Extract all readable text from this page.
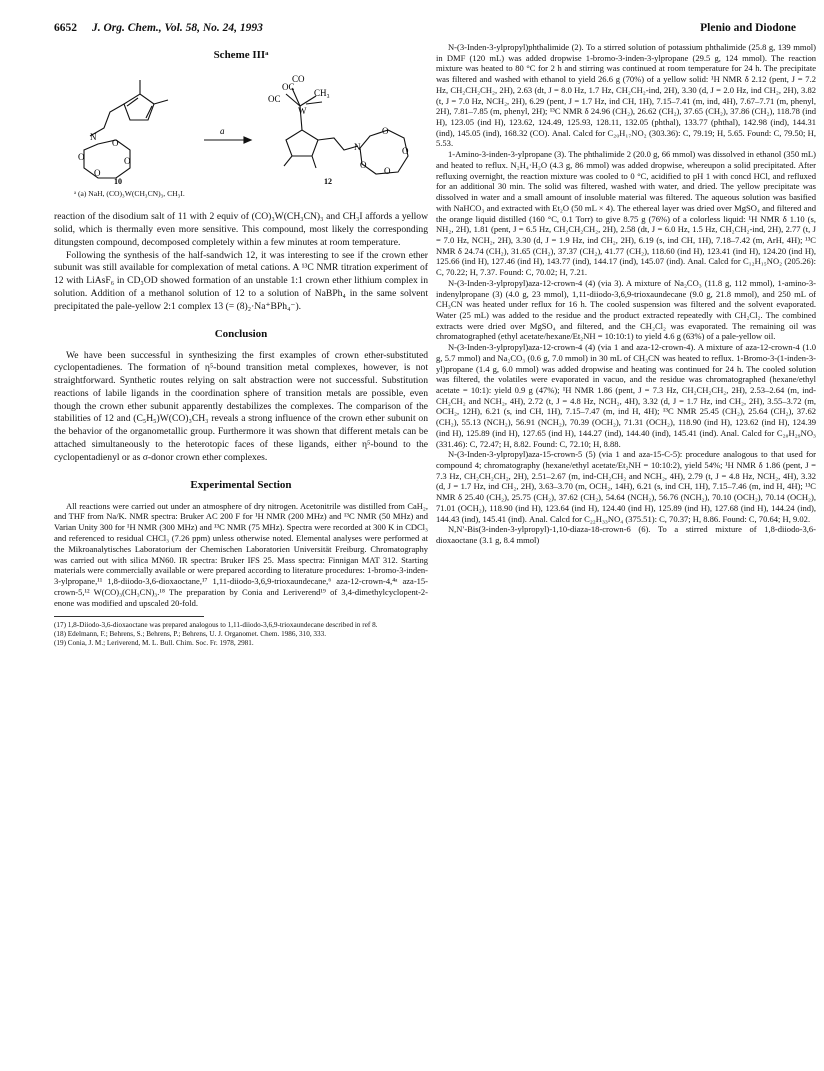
6652 J. Org. Chem., Vol. 58, No. 24, 1993	Plenio and Diodone
Scheme IIIᵃ
N
O
O
O
O
a
OC
CO
OC
W
CH₃
N
O
O
O
O
10	12

ᵃ (a) NaH, (CO)₃W(CH₃CN)₃, CH₃I.

reaction of the disodium salt of 11 with 2 equiv of (CO)₃W(CH₃CN)₃ and CH₃I affords a yellow solid, which is thermally even more sensitive. This compound, most likely the corresponding ditungsten compound, decomposed completely within a few minutes at room temperature.

Following the synthesis of the half-sandwich 12, it was interesting to see if the crown ether subunit was still available for complexation of metal cations. A ¹³C NMR titration experiment of 12 with LiAsF₆ in CD₃OD showed formation of an unstable 1:1 crown ether lithium complex in solution. Addition of a methanol solution of 12 to a solution of NaBPh₄ in the same solvent precipitated the pale-yellow 2:1 complex 13 (= (8)₂·Na⁺BPh₄⁻).

Conclusion

We have been successful in synthesizing the first examples of crown ether-substituted cyclopentadienes. The formation of η⁵-bound transition metal complexes, however, is not straightforward. Synthetic routes relying on salt abstraction were not successful. Substitution reactions of labile ligands in the coordination sphere of transition metals are possible, even though the crown ether subunit apparently destabilizes the complexes. The comparison of the stabilities of 12 and (C₅H₅)W(CO)₃CH₃ reveals a strong influence of the crown ether subunit on the behavior of the organometallic group. Furthermore it was shown that different metals can be attached simultaneously to the heterotopic faces of these ligands, either η⁵-bound to the cyclopentadienyl or as σ-donor crown ether complexes.

Experimental Section

All reactions were carried out under an atmosphere of dry nitrogen. Acetonitrile was distilled from CaH₂, and THF from Na/K. NMR spectra: Bruker AC 200 F for ¹H NMR (200 MHz) and ¹³C NMR (50 MHz) and Varian Unity 300 for ¹H NMR (300 MHz) and ¹³C NMR (75 MHz). Spectra were recorded at 300 K in CDCl₃ and referenced to residual CHCl₃ (7.26 ppm) unless otherwise noted. Elemental analyses were performed at the Mikroanalytisches Laboratorium der Chemischen Laboratorien Universität Freiburg. Chromatography was carried out with silica MN60. IR spectra: Bruker IFS 25. Mass spectra: Finnigan MAT 312. Starting materials were commercially available or were prepared according to literature procedures: 1-bromo-3-inden-3-ylpropane,¹¹ 1,8-diiodo-3,6-dioxaoctane,¹⁷ 1,11-diiodo-3,6,9-trioxaundecane,⁶ aza-12-crown-4,⁴ᵃ aza-15-crown-5,¹² W(CO)₃(CH₃CN)₃.¹⁸ The preparation by Conia and Leriverend¹⁹ of 3,4-dimethylcyclopent-2-enone was modified and upscaled 20-fold.

(17) 1,8-Diiodo-3,6-dioxaoctane was prepared analogous to 1,11-diiodo-3,6,9-trioxaundecane described in ref 8.

(18) Edelmann, F.; Behrens, S.; Behrens, P.; Behrens, U. J. Organomet. Chem. 1986, 310, 333.

(19) Conia, J. M.; Leriverend, M. L. Bull. Chim. Soc. Fr. 1978, 2981.

N-(3-Inden-3-ylpropyl)phthalimide (2). To a stirred solution of potassium phthalimide (25.8 g, 139 mmol) in DMF (120 mL) was added dropwise 1-bromo-3-inden-3-ylpropane (29.5 g, 124 mmol). The reaction mixture was heated to 80 °C for 2 h and stirring was continued at room temperature for 24 h. The precipitate was filtered and washed with ethanol to yield 26.6 g (70%) of a yellow solid: ¹H NMR δ 2.12 (pent, J = 7.2 Hz, CH₂CH₂CH₂, 2H), 2.63 (dt, J = 8.0 Hz, 1.7 Hz, CH₂CH₂-ind, 2H), 3.30 (d, J = 2.0 Hz, ind CH₂, 2H), 3.82 (t, J = 7.0 Hz, NCH₂, 2H), 6.29 (pent, J = 1.7 Hz, ind CH, 1H), 7.15–7.41 (m, ind, 4H), 7.67–7.71 (m, phenyl, 2H), 7.81–7.85 (m, phenyl, 2H); ¹³C NMR δ 24.96 (CH₂), 26.62 (CH₂), 37.65 (CH₂), 37.86 (CH₂), 118.78 (ind H), 123.05 (ind H), 123.62, 124.49, 125.93, 128.11, 132.05 (phthal), 133.77 (phthal), 142.98 (ind), 144.31 (ind), 145.05 (ind), 168.32 (CO). Anal. Calcd for C₂₀H₁₇NO₂ (303.36): C, 79.19; H, 5.65. Found: C, 79.50; H, 5.53.

1-Amino-3-inden-3-ylpropane (3). The phthalimide 2 (20.0 g, 66 mmol) was dissolved in ethanol (350 mL) and heated to reflux. N₂H₄·H₂O (4.3 g, 86 mmol) was added dropwise, whereupon a solid precipitated. After refluxing overnight, the reaction mixture was cooled to 0 °C, acidified to pH 1 with concd HCl, and refluxed for an additional 30 min. The solid was filtered, washed with water, and dried. The yellow precipitate was dissolved in water and a small amount of insoluble material was filtered. The aqueous solution was basified with NaHCO₃ and extracted with Et₂O (50 mL × 4). The ethereal layer was dried over MgSO₄ and filtered and the orange liquid distilled (160 °C, 0.1 Torr) to give 8.75 g (76%) of a colorless liquid: ¹H NMR δ 1.10 (s, NH₂, 2H), 1.81 (pent, J = 6.5 Hz, CH₂CH₂CH₂, 2H), 2.58 (dt, J = 6.0 Hz, 1.5 Hz, CH₂CH₂-ind, 2H), 2.77 (t, J = 7.0 Hz, NCH₂, 2H), 3.30 (d, J = 1.9 Hz, ind CH₂, 2H), 6.19 (s, ind CH, 1H), 7.18–7.42 (m, ArH, 4H); ¹³C NMR δ 24.74 (CH₂), 31.65 (CH₂), 37.37 (CH₂), 41.77 (CH₂), 118.60 (ind H), 123.41 (ind H), 124.20 (ind H), 125.66 (ind H), 127.46 (ind H), 143.77 (ind), 144.17 (ind), 145.07 (ind). Anal. Calcd for C₁₂H₁₅NO₂ (205.26): C, 70.22; H, 7.37. Found: C, 70.02; H, 7.21.

N-(3-Inden-3-ylpropyl)aza-12-crown-4 (4) (via 3). A mixture of Na₂CO₃ (11.8 g, 112 mmol), 1-amino-3-indenylpropane (3) (4.0 g, 23 mmol), 1,11-diiodo-3,6,9-trioxaundecane (9.0 g, 21.8 mmol), and 250 mL of CH₃CN was heated under reflux for 16 h. The cooled suspension was filtered and the solvent evaporated. Water (25 mL) was added to the residue and the product extracted repeatedly with CH₂Cl₂. The combined extracts were dried over MgSO₄ and filtered, and the CH₂Cl₂ was evaporated. The remaining oil was chromatographed (ethyl acetate/hexane/Et₂NH = 10:10:1) to yield 4.6 g (63%) of a pale-yellow oil.

N-(3-Inden-3-ylpropyl)aza-12-crown-4 (4) (via 1 and aza-12-crown-4). A mixture of aza-12-crown-4 (1.0 g, 5.7 mmol) and Na₂CO₃ (0.6 g, 7.0 mmol) in 30 mL of CH₃CN was heated to reflux. 1-Bromo-3-(1-inden-3-yl)propane (1.4 g, 6.0 mmol) was added dropwise and heating was continued for 24 h. The cooled solution was filtered, the volatiles were evaporated in vacuo, and the residue was chromatographed (hexane/ethyl acetate = 10:1): yield 0.9 g (47%); ¹H NMR 1.86 (pent, J = 7.3 Hz, CH₂CH₂CH₂, 2H), 2.53–2.64 (m, ind-CH₂CH₂ and NCH₂, 4H), 2.72 (t, J = 4.8 Hz, NCH₂, 4H), 3.32 (d, J = 1.7 Hz, ind CH₂, 2H), 3.55–3.72 (m, OCH₂, 12H), 6.21 (s, ind CH, 1H), 7.15–7.47 (m, ind H, 4H); ¹³C NMR 25.45 (CH₂), 25.64 (CH₂), 37.62 (CH₂), 55.13 (NCH₂), 56.91 (NCH₂), 70.39 (OCH₂), 71.31 (OCH₂), 118.90 (ind H), 123.62 (ind H), 124.39 (ind H), 125.89 (ind H), 127.65 (ind H), 144.27 (ind), 144.40 (ind), 145.41 (ind). Anal. Calcd for C₂₀H₂₉NO₃ (331.46): C, 72.47; H, 8.82. Found: C, 72.10; H, 8.88.

N-(3-Inden-3-ylpropyl)aza-15-crown-5 (5) (via 1 and aza-15-C-5): procedure analogous to that used for compound 4; chromatography (hexane/ethyl acetate/Et₂NH = 10:10:2), yield 54%; ¹H NMR δ 1.86 (pent, J = 7.3 Hz, CH₂CH₂CH₂, 2H), 2.51–2.67 (m, ind-CH₂CH₂ and NCH₂, 4H), 2.79 (t, J = 4.8 Hz, NCH₂, 4H), 3.32 (d, J = 1.7 Hz, ind CH₂, 2H), 3.63–3.70 (m, OCH₂, 14H), 6.21 (s, ind CH, 1H), 7.15–7.46 (m, ind H, 4H); ¹³C NMR δ 25.40 (CH₂), 25.75 (CH₂), 37.62 (CH₂), 54.64 (NCH₂), 56.76 (NCH₂), 70.10 (OCH₂), 70.14 (OCH₂), 71.01 (OCH₂), 118.90 (ind H), 123.64 (ind H), 124.40 (ind H), 125.89 (ind H), 127.68 (ind H), 144.24 (ind), 144.43 (ind), 145.41 (ind). Anal. Calcd for C₂₂H₃₃NO₄ (375.51): C, 70.37; H, 8.86. Found: C, 70.64; H, 9.02.

N,N′-Bis(3-inden-3-ylpropyl)-1,10-diaza-18-crown-6 (6). To a stirred mixture of 1,8-diiodo-3,6-dioxaoctane (3.1 g, 8.4 mmol)
